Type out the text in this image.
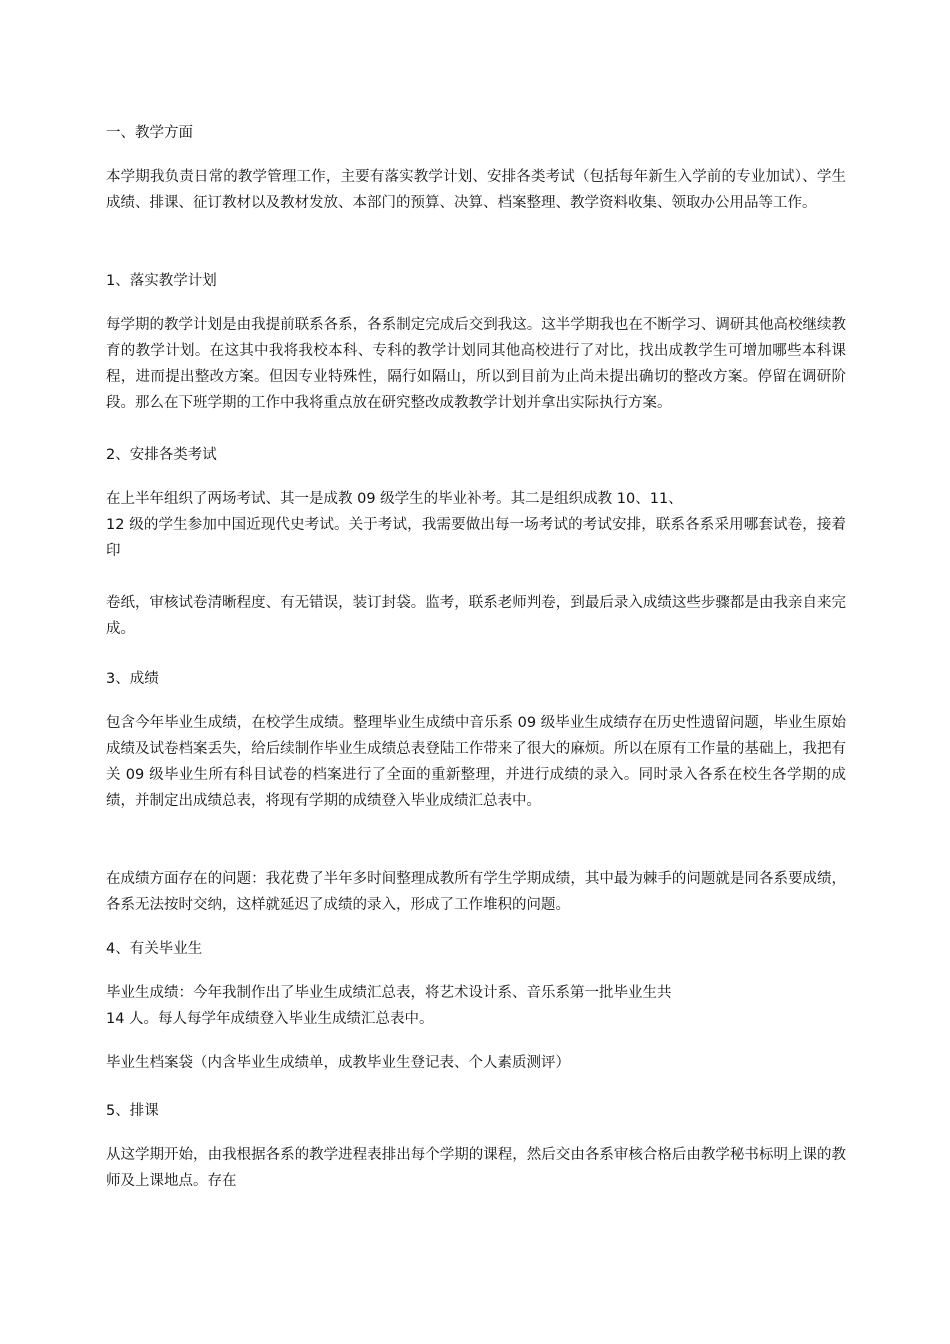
一、教学方面

本学期我负责日常的教学管理工作，主要有落实教学计划、安排各类考试（包括每年新生入学前的专业加试）、学生成绩、排课、征订教材以及教材发放、本部门的预算、决算、档案整理、教学资料收集、领取办公用品等工作。

1、落实教学计划

每学期的教学计划是由我提前联系各系，各系制定完成后交到我这。这半学期我也在不断学习、调研其他高校继续教育的教学计划。在这其中我将我校本科、专科的教学计划同其他高校进行了对比，找出成教学生可增加哪些本科课程，进而提出整改方案。但因专业特殊性，隔行如隔山，所以到目前为止尚未提出确切的整改方案。停留在调研阶段。那么在下班学期的工作中我将重点放在研究整改成教教学计划并拿出实际执行方案。

2、安排各类考试

在上半年组织了两场考试、其一是成教 09 级学生的毕业补考。其二是组织成教 10、11、

12 级的学生参加中国近现代史考试。关于考试，我需要做出每一场考试的考试安排，联系各系采用哪套试卷，接着印

卷纸，审核试卷清晰程度、有无错误，装订封袋。监考，联系老师判卷，到最后录入成绩这些步骤都是由我亲自来完成。

3、成绩

包含今年毕业生成绩，在校学生成绩。整理毕业生成绩中音乐系 09 级毕业生成绩存在历史性遗留问题，毕业生原始成绩及试卷档案丢失，给后续制作毕业生成绩总表登陆工作带来了很大的麻烦。所以在原有工作量的基础上，我把有关 09 级毕业生所有科目试卷的档案进行了全面的重新整理，并进行成绩的录入。同时录入各系在校生各学期的成绩，并制定出成绩总表，将现有学期的成绩登入毕业成绩汇总表中。

在成绩方面存在的问题：我花费了半年多时间整理成教所有学生学期成绩，其中最为棘手的问题就是同各系要成绩，各系无法按时交纳，这样就延迟了成绩的录入，形成了工作堆积的问题。

4、有关毕业生

毕业生成绩：今年我制作出了毕业生成绩汇总表，将艺术设计系、音乐系第一批毕业生共

14 人。每人每学年成绩登入毕业生成绩汇总表中。

毕业生档案袋（内含毕业生成绩单，成教毕业生登记表、个人素质测评）

5、排课

从这学期开始，由我根据各系的教学进程表排出每个学期的课程，然后交由各系审核合格后由教学秘书标明上课的教师及上课地点。存在
